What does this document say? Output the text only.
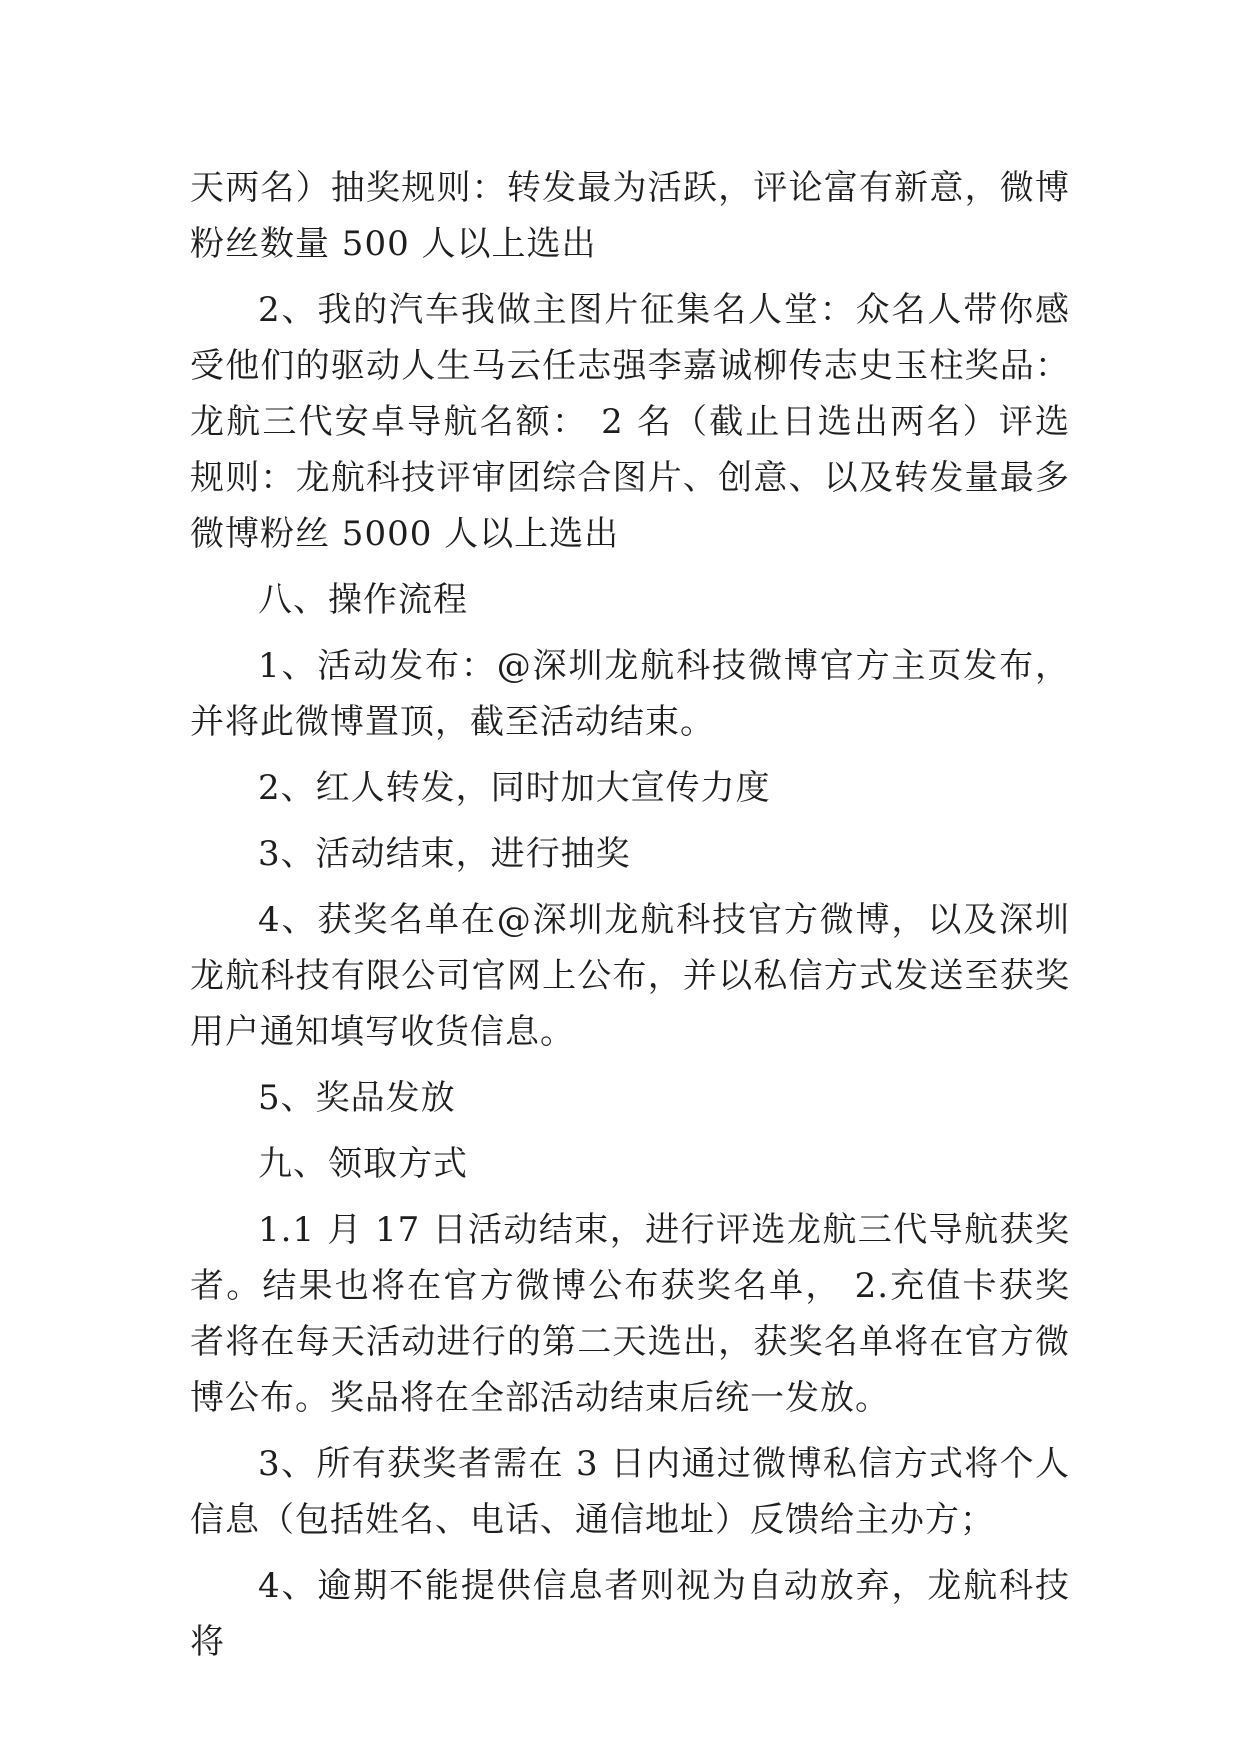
天两名）抽奖规则：转发最为活跃，评论富有新意，微博粉丝数量 500 人以上选出

2、我的汽车我做主图片征集名人堂：众名人带你感受他们的驱动人生马云任志强李嘉诚柳传志史玉柱奖品：龙航三代安卓导航名额： 2 名（截止日选出两名）评选规则：龙航科技评审团综合图片、创意、以及转发量最多微博粉丝 5000 人以上选出

八、操作流程

1、活动发布：@深圳龙航科技微博官方主页发布，并将此微博置顶，截至活动结束。

2、红人转发，同时加大宣传力度

3、活动结束，进行抽奖

4、获奖名单在@深圳龙航科技官方微博，以及深圳龙航科技有限公司官网上公布，并以私信方式发送至获奖用户通知填写收货信息。

5、奖品发放

九、领取方式

1.1 月 17 日活动结束，进行评选龙航三代导航获奖者。结果也将在官方微博公布获奖名单， 2.充值卡获奖者将在每天活动进行的第二天选出，获奖名单将在官方微博公布。奖品将在全部活动结束后统一发放。

3、所有获奖者需在 3 日内通过微博私信方式将个人信息（包括姓名、电话、通信地址）反馈给主办方；

4、逾期不能提供信息者则视为自动放弃，龙航科技将
